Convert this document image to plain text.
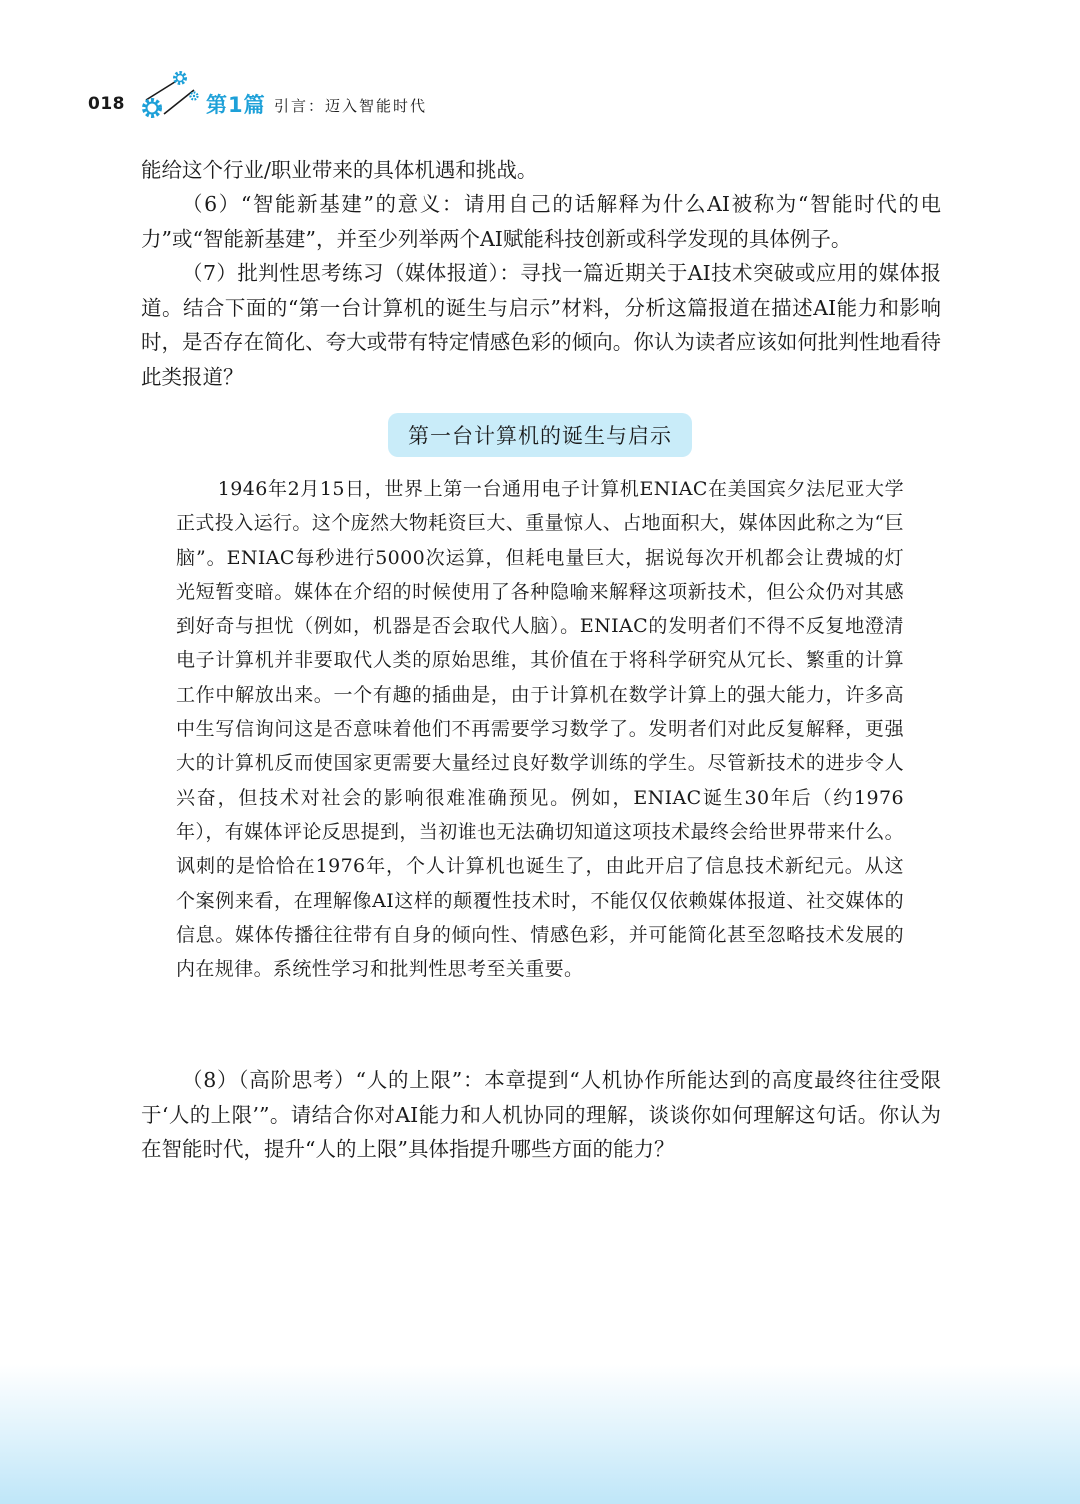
018	第1篇 引言：迈入智能时代

能给这个行业/职业带来的具体机遇和挑战。

（6）“智能新基建”的意义：请用自己的话解释为什么AI被称为“智能时代的电力”或“智能新基建”，并至少列举两个AI赋能科技创新或科学发现的具体例子。

（7）批判性思考练习（媒体报道）：寻找一篇近期关于AI技术突破或应用的媒体报道。结合下面的“第一台计算机的诞生与启示”材料，分析这篇报道在描述AI能力和影响时，是否存在简化、夸大或带有特定情感色彩的倾向。你认为读者应该如何批判性地看待此类报道？

第一台计算机的诞生与启示

1946年2月15日，世界上第一台通用电子计算机ENIAC在美国宾夕法尼亚大学正式投入运行。这个庞然大物耗资巨大、重量惊人、占地面积大，媒体因此称之为“巨脑”。ENIAC每秒进行5000次运算，但耗电量巨大，据说每次开机都会让费城的灯光短暂变暗。媒体在介绍的时候使用了各种隐喻来解释这项新技术，但公众仍对其感到好奇与担忧（例如，机器是否会取代人脑）。ENIAC的发明者们不得不反复地澄清电子计算机并非要取代人类的原始思维，其价值在于将科学研究从冗长、繁重的计算工作中解放出来。一个有趣的插曲是，由于计算机在数学计算上的强大能力，许多高中生写信询问这是否意味着他们不再需要学习数学了。发明者们对此反复解释，更强大的计算机反而使国家更需要大量经过良好数学训练的学生。尽管新技术的进步令人兴奋，但技术对社会的影响很难准确预见。例如，ENIAC诞生30年后（约1976年），有媒体评论反思提到，当初谁也无法确切知道这项技术最终会给世界带来什么。讽刺的是恰恰在1976年，个人计算机也诞生了，由此开启了信息技术新纪元。从这个案例来看，在理解像AI这样的颠覆性技术时，不能仅仅依赖媒体报道、社交媒体的信息。媒体传播往往带有自身的倾向性、情感色彩，并可能简化甚至忽略技术发展的内在规律。系统性学习和批判性思考至关重要。

（8）（高阶思考）“人的上限”：本章提到“人机协作所能达到的高度最终往往受限于‘人的上限’”。请结合你对AI能力和人机协同的理解，谈谈你如何理解这句话。你认为在智能时代，提升“人的上限”具体指提升哪些方面的能力？
